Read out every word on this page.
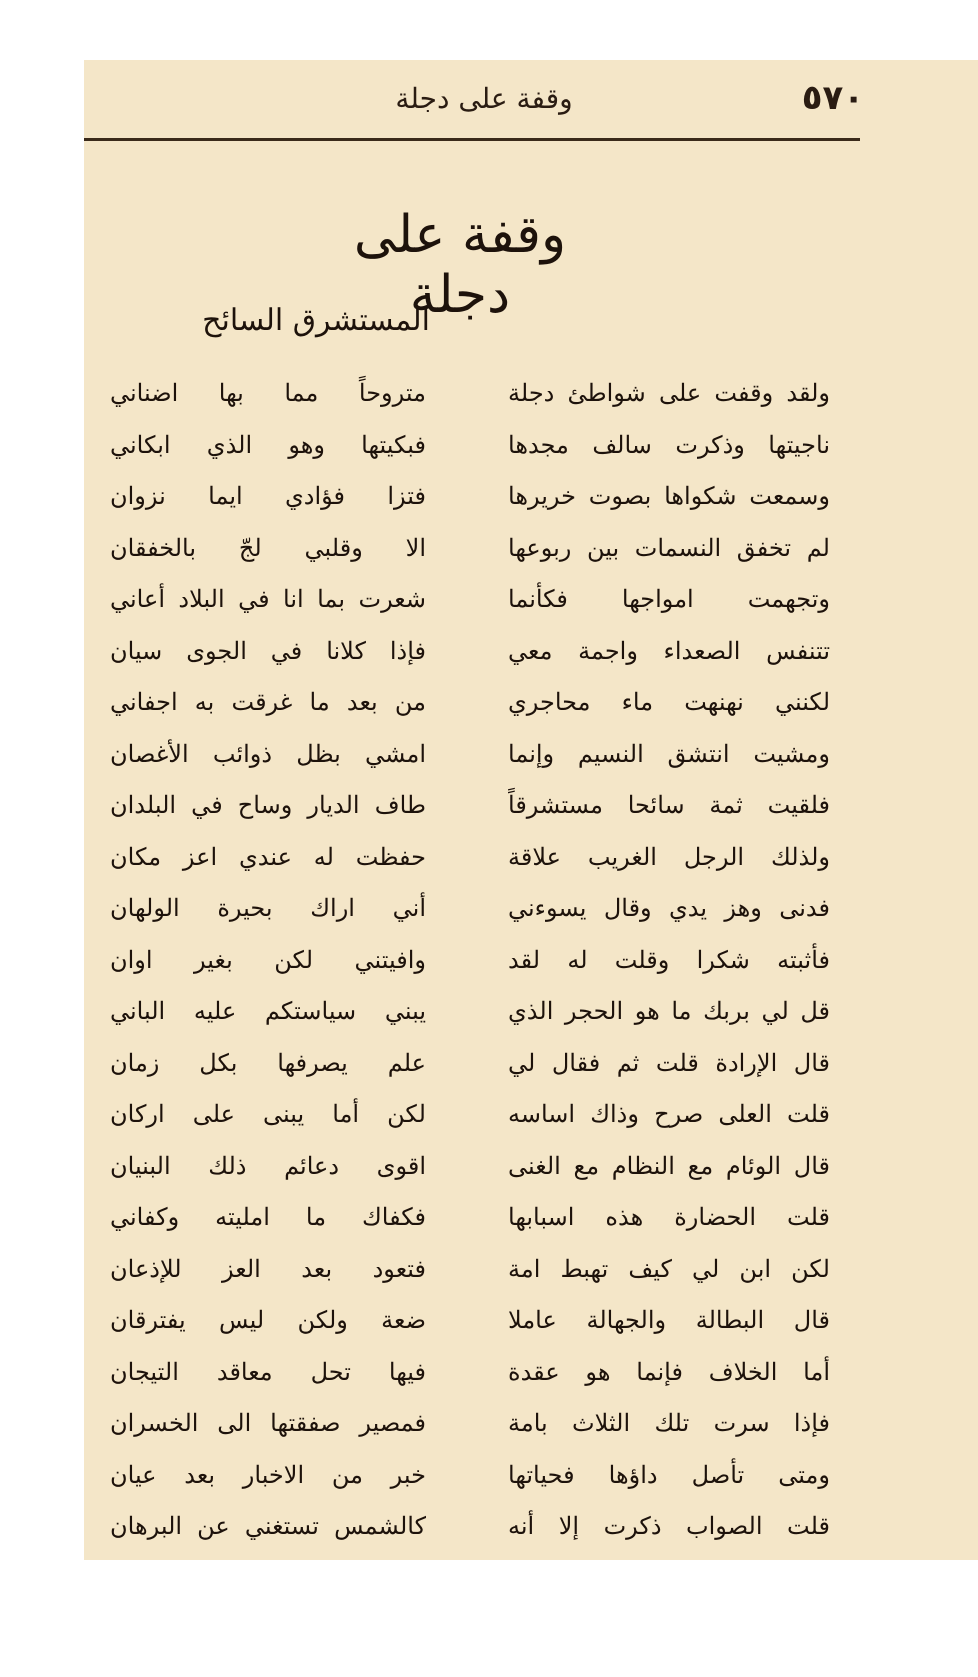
وقفة على دجلة	٥٧٠
وقفة على دجلة
المستشرق السائح
ولقد وقفت على شواطئ دجلة
متروحاً مما بها اضناني
ناجيتها وذكرت سالف مجدها
فبكيتها وهو الذي ابكاني
وسمعت شكواها بصوت خريرها
فتزا فؤادي ايما نزوان
لم تخفق النسمات بين ربوعها
الا وقلبي لجّ بالخفقان
وتجهمت امواجها فكأنما
شعرت بما انا في البلاد أعاني
تتنفس الصعداء واجمة معي
فإذا كلانا في الجوى سيان
لكنني نهنهت ماء محاجري
من بعد ما غرقت به اجفاني
ومشيت انتشق النسيم وإنما
امشي بظل ذوائب الأغصان
فلقيت ثمة سائحا مستشرقاً
طاف الديار وساح في البلدان
ولذلك الرجل الغريب علاقة
حفظت له عندي اعز مكان
فدنى وهز يدي وقال يسوءني
أني اراك بحيرة الولهان
فأثبته شكرا وقلت له لقد
وافيتني لكن بغير اوان
قل لي بربك ما هو الحجر الذي
يبني سياستكم عليه الباني
قال الإرادة قلت ثم فقال لي
علم يصرفها بكل زمان
قلت العلى صرح وذاك اساسه
لكن أما يبنى على اركان
قال الوئام مع النظام مع الغنى
اقوى دعائم ذلك البنيان
قلت الحضارة هذه اسبابها
فكفاك ما امليته وكفاني
لكن ابن لي كيف تهبط امة
فتعود بعد العز للإذعان
قال البطالة والجهالة عاملا
ضعة ولكن ليس يفترقان
أما الخلاف فإنما هو عقدة
فيها تحل معاقد التيجان
فإذا سرت تلك الثلاث بامة
فمصير صفقتها الى الخسران
ومتى تأصل داؤها فحياتها
خبر من الاخبار بعد عيان
قلت الصواب ذكرت إلا أنه
كالشمس تستغني عن البرهان
